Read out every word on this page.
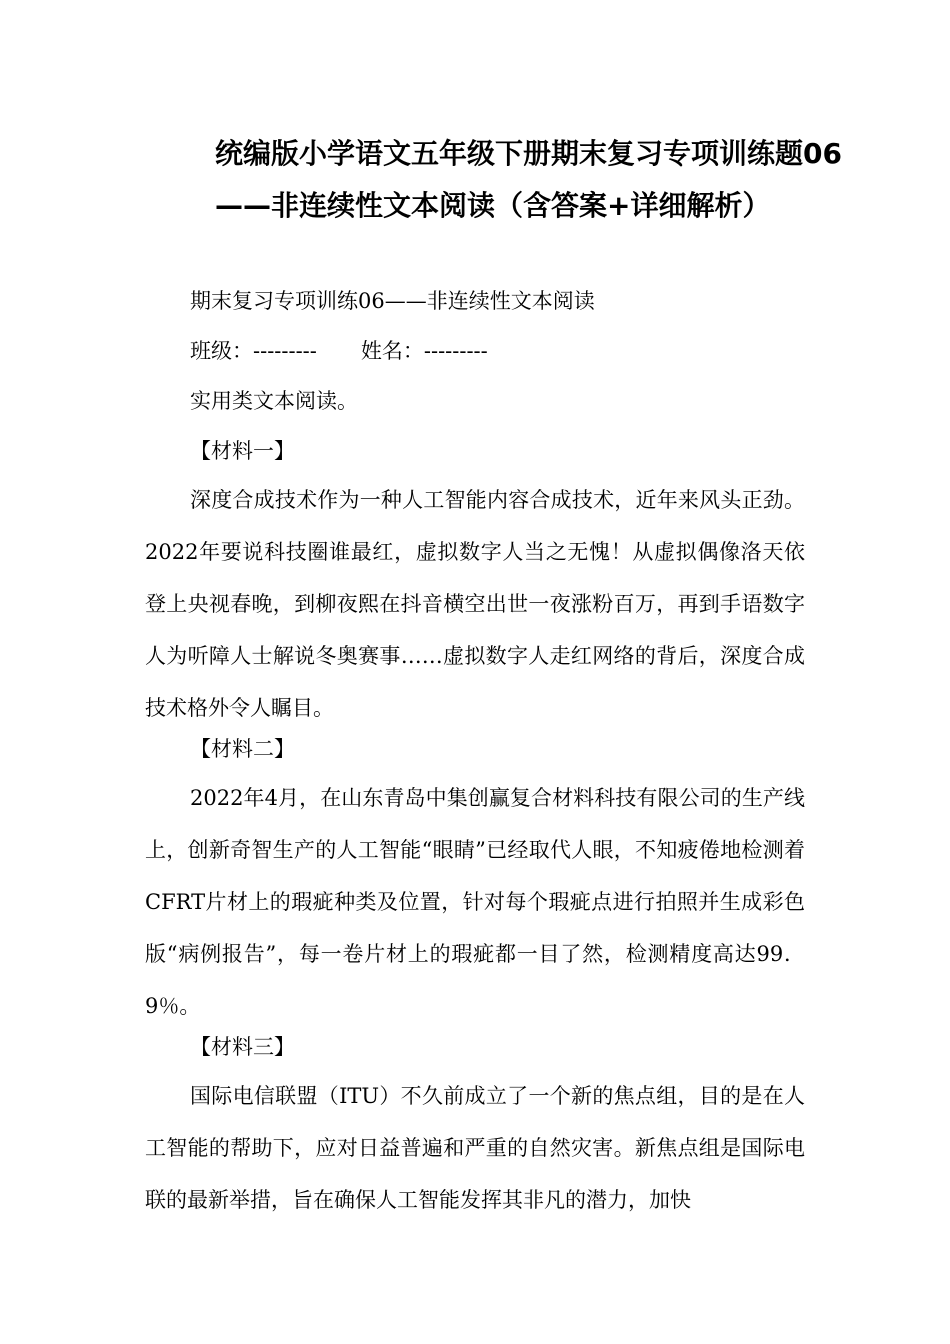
统编版小学语文五年级下册期末复习专项训练题06
——非连续性文本阅读（含答案+详细解析）

期末复习专项训练06——非连续性文本阅读

班级：--------- 姓名：---------

实用类文本阅读。

【材料一】

深度合成技术作为一种人工智能内容合成技术，近年来风头正劲。2022年要说科技圈谁最红，虚拟数字人当之无愧！从虚拟偶像洛天依登上央视春晚，到柳夜熙在抖音横空出世一夜涨粉百万，再到手语数字人为听障人士解说冬奥赛事……虚拟数字人走红网络的背后，深度合成技术格外令人瞩目。

【材料二】

2022年4月，在山东青岛中集创赢复合材料科技有限公司的生产线上，创新奇智生产的人工智能“眼睛”已经取代人眼，不知疲倦地检测着CFRT片材上的瑕疵种类及位置，针对每个瑕疵点进行拍照并生成彩色版“病例报告”，每一卷片材上的瑕疵都一目了然，检测精度高达99．9％。

【材料三】

国际电信联盟（ITU）不久前成立了一个新的焦点组，目的是在人工智能的帮助下，应对日益普遍和严重的自然灾害。新焦点组是国际电联的最新举措，旨在确保人工智能发挥其非凡的潜力，加快
